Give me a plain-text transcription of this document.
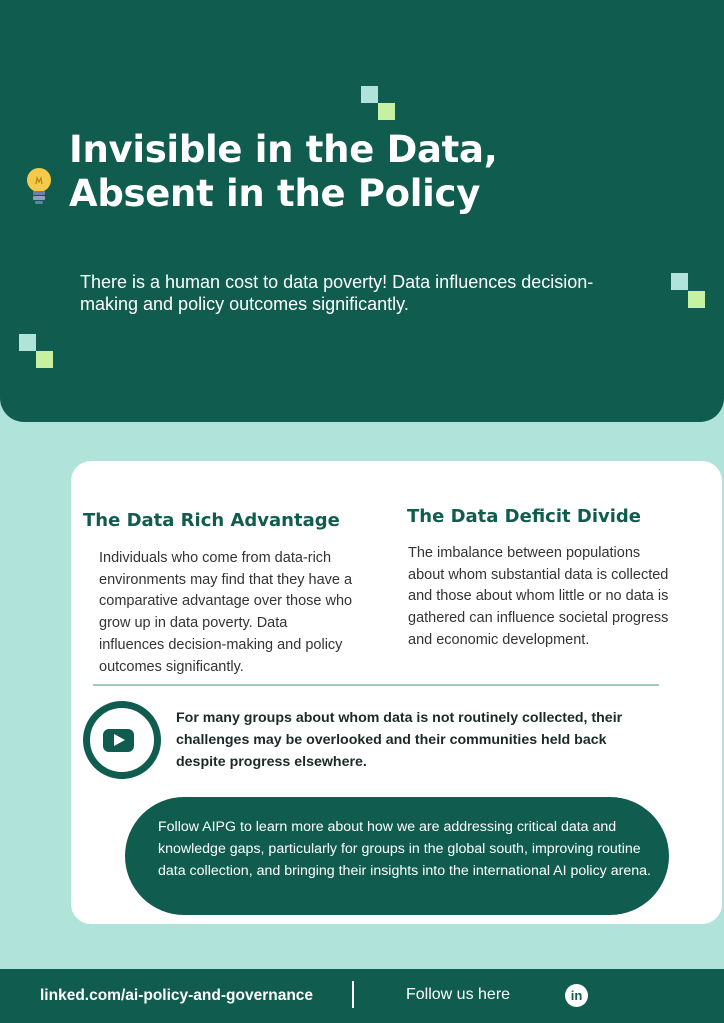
Invisible in the Data,
Absent in the Policy

There is a human cost to data poverty! Data influences decision-making and policy outcomes significantly.

The Data Rich Advantage

Individuals who come from data-rich environments may find that they have a comparative advantage over those who grow up in data poverty. Data influences decision-making and policy outcomes significantly.

The Data Deficit Divide

The imbalance between populations about whom substantial data is collected and those about whom little or no data is gathered can influence societal progress and economic development.

For many groups about whom data is not routinely collected, their challenges may be overlooked and their communities held back despite progress elsewhere.

Follow AIPG to learn more about how we are addressing critical data and knowledge gaps, particularly for groups in the global south, improving routine data collection, and bringing their insights into the international AI policy arena.

linked.com/ai-policy-and-governance	Follow us here	in
